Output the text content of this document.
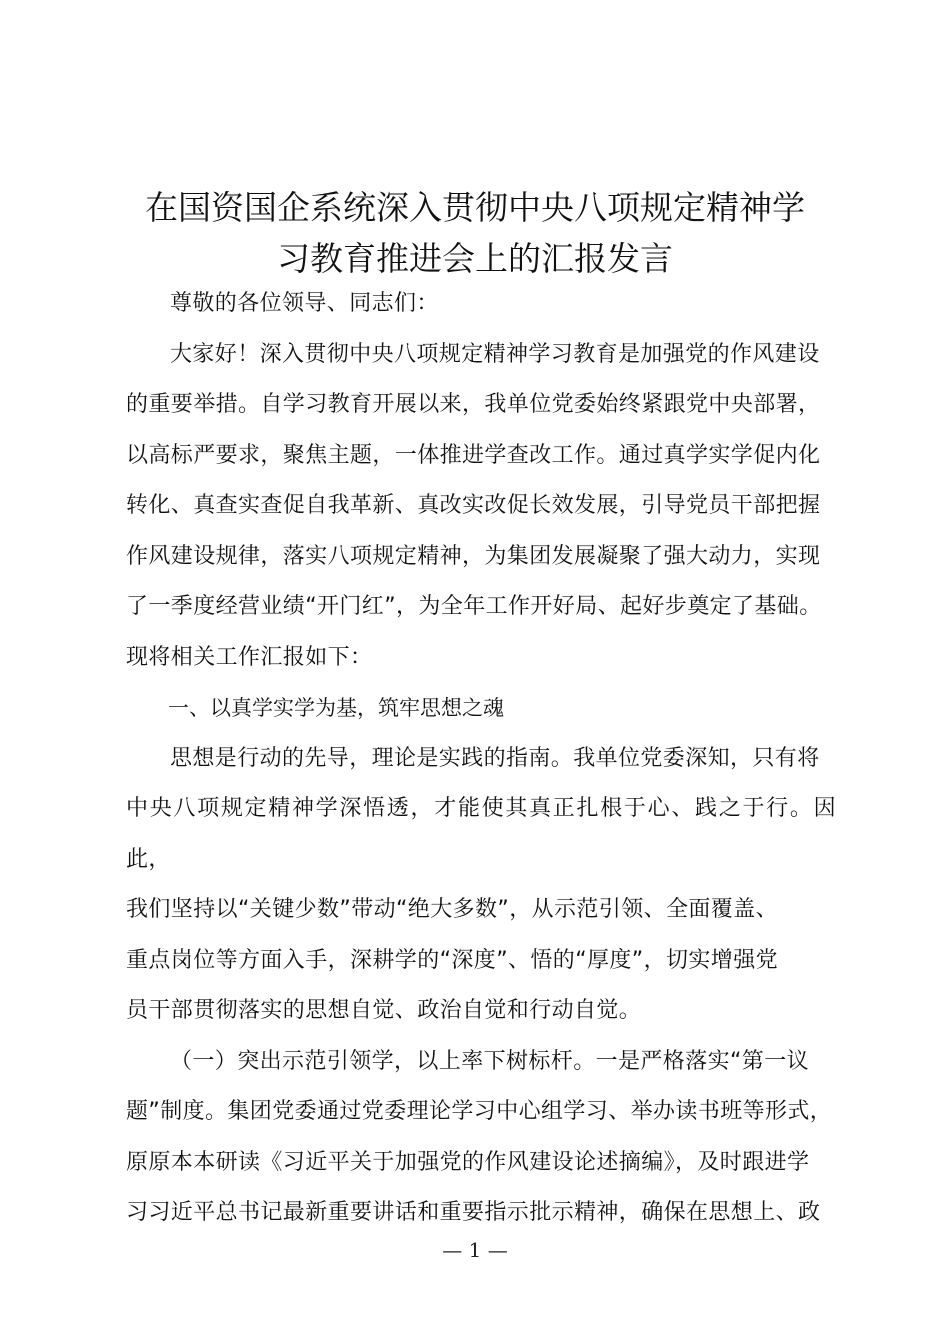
在国资国企系统深入贯彻中央八项规定精神学
习教育推进会上的汇报发言

尊敬的各位领导、同志们：

大家好！深入贯彻中央八项规定精神学习教育是加强党的作风建设
的重要举措。自学习教育开展以来，我单位党委始终紧跟党中央部署，
以高标严要求，聚焦主题，一体推进学查改工作。通过真学实学促内化
转化、真查实查促自我革新、真改实改促长效发展，引导党员干部把握
作风建设规律，落实八项规定精神，为集团发展凝聚了强大动力，实现
了一季度经营业绩“开门红”，为全年工作开好局、起好步奠定了基础。
现将相关工作汇报如下：

一、以真学实学为基，筑牢思想之魂

思想是行动的先导，理论是实践的指南。我单位党委深知，只有将
中央八项规定精神学深悟透，才能使其真正扎根于心、践之于行。因此，
我们坚持以“关键少数”带动“绝大多数”，从示范引领、全面覆盖、
重点岗位等方面入手，深耕学的“深度”、悟的“厚度”，切实增强党
员干部贯彻落实的思想自觉、政治自觉和行动自觉。

（一）突出示范引领学，以上率下树标杆。一是严格落实“第一议
题”制度。集团党委通过党委理论学习中心组学习、举办读书班等形式，
原原本本研读《习近平关于加强党的作风建设论述摘编》，及时跟进学
习习近平总书记最新重要讲话和重要指示批示精神，确保在思想上、政

— 1 —
